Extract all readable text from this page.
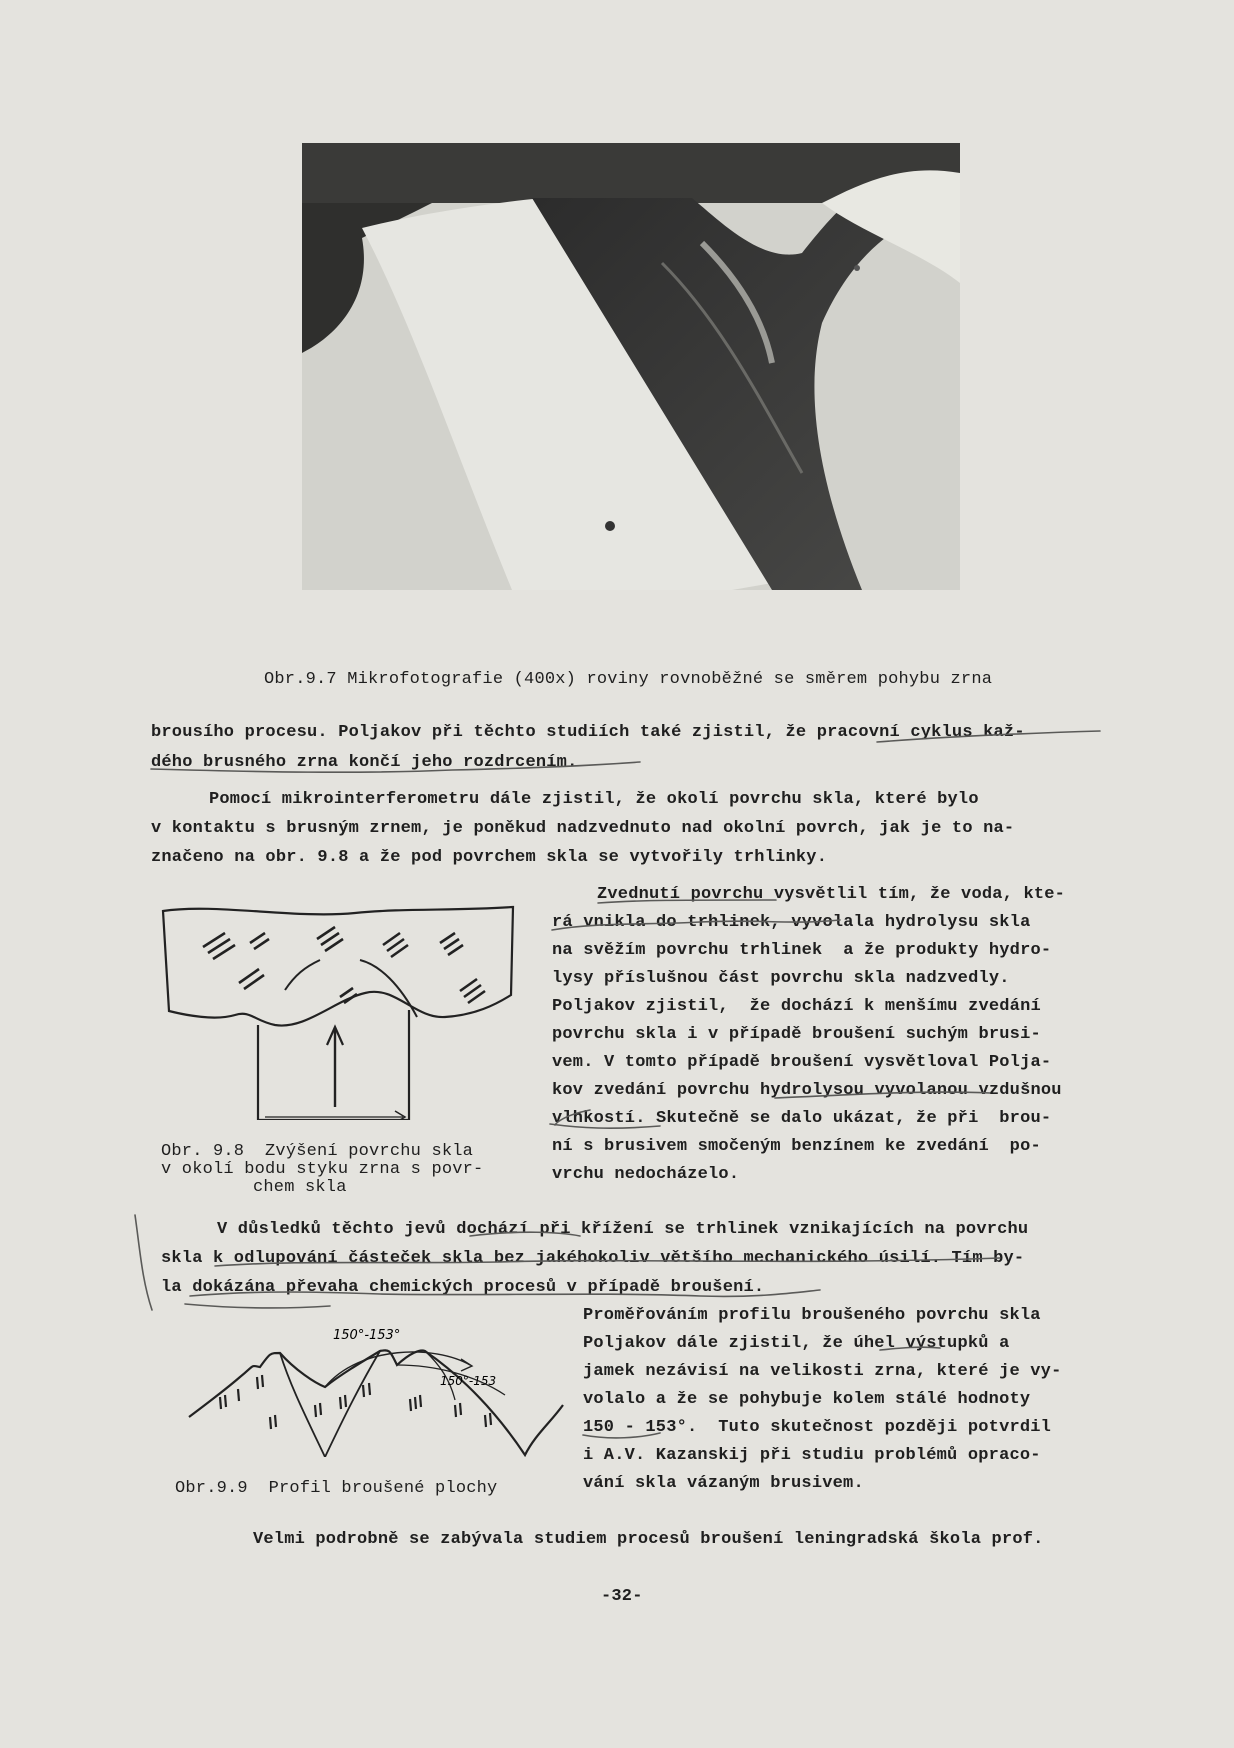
Obr.9.7 Mikrofotografie (400x) roviny rovnoběžné se směrem pohybu zrna
brousího procesu. Poljakov při těchto studiích také zjistil, že pracovní cyklus kaž-
dého brusného zrna končí jeho rozdrcením.
Pomocí mikrointerferometru dále zjistil, že okolí povrchu skla, které bylo
v kontaktu s brusným zrnem, je poněkud nadzvednuto nad okolní povrch, jak je to na-
značeno na obr. 9.8 a že pod povrchem skla se vytvořily trhlinky.
Zvednutí povrchu vysvětlil tím, že voda, kte-
rá vnikla do trhlinek, vyvolala hydrolysu skla
na svěžím povrchu trhlinek  a že produkty hydro-
lysy příslušnou část povrchu skla nadzvedly.
Poljakov zjistil,  že dochází k menšímu zvedání
povrchu skla i v případě broušení suchým brusi-
vem. V tomto případě broušení vysvětloval Polja-
kov zvedání povrchu hydrolysou vyvolanou vzdušnou
vlhkostí. Skutečně se dalo ukázat, že při  brou-
ní s brusivem smočeným benzínem ke zvedání  po-
vrchu nedocházelo.
Obr. 9.8  Zvýšení povrchu skla
v okolí bodu styku zrna s povr-
chem skla
V důsledků těchto jevů dochází při křížení se trhlinek vznikajících na povrchu
skla k odlupování částeček skla bez jakéhokoliv většího mechanického úsilí. Tím by-
la dokázána převaha chemických procesů v případě broušení.
Proměřováním profilu broušeného povrchu skla
Poljakov dále zjistil, že úhel výstupků a
jamek nezávisí na velikosti zrna, které je vy-
volalo a že se pohybuje kolem stálé hodnoty
150 - 153°.  Tuto skutečnost později potvrdil
i A.V. Kazanskij při studiu problémů opraco-
vání skla vázaným brusivem.
150°-153°
150°-153
Obr.9.9  Profil broušené plochy
Velmi podrobně se zabývala studiem procesů broušení leningradská škola prof.
-32-
